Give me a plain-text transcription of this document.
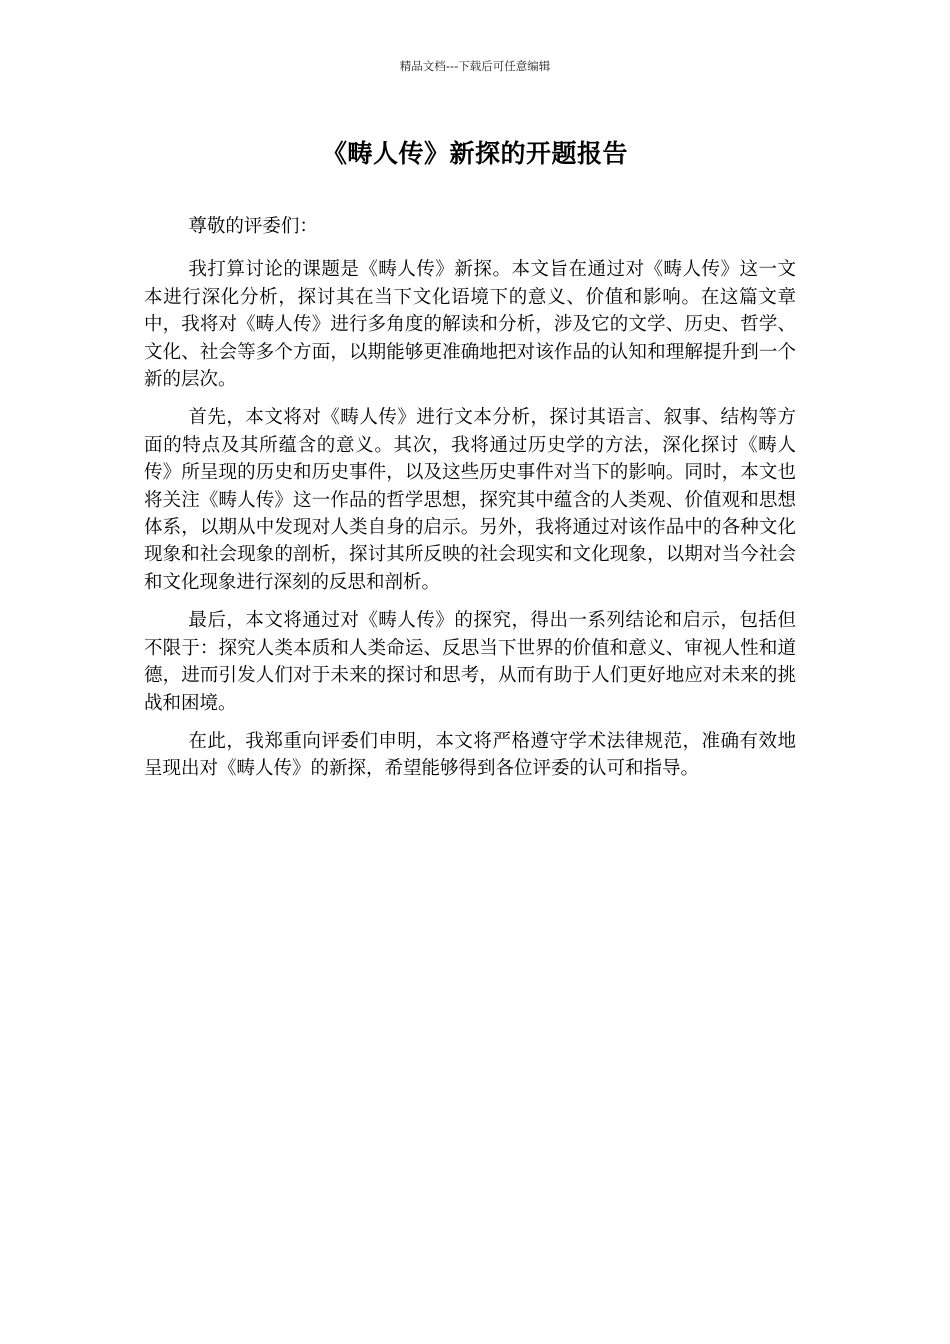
精品文档---下载后可任意编辑
《畴人传》新探的开题报告

尊敬的评委们：

我打算讨论的课题是《畴人传》新探。本文旨在通过对《畴人传》这一文本进行深化分析，探讨其在当下文化语境下的意义、价值和影响。在这篇文章中，我将对《畴人传》进行多角度的解读和分析，涉及它的文学、历史、哲学、文化、社会等多个方面，以期能够更准确地把对该作品的认知和理解提升到一个新的层次。

首先，本文将对《畴人传》进行文本分析，探讨其语言、叙事、结构等方面的特点及其所蕴含的意义。其次，我将通过历史学的方法，深化探讨《畴人传》所呈现的历史和历史事件，以及这些历史事件对当下的影响。同时，本文也将关注《畴人传》这一作品的哲学思想，探究其中蕴含的人类观、价值观和思想体系，以期从中发现对人类自身的启示。另外，我将通过对该作品中的各种文化现象和社会现象的剖析，探讨其所反映的社会现实和文化现象，以期对当今社会和文化现象进行深刻的反思和剖析。

最后，本文将通过对《畴人传》的探究，得出一系列结论和启示，包括但不限于：探究人类本质和人类命运、反思当下世界的价值和意义、审视人性和道德，进而引发人们对于未来的探讨和思考，从而有助于人们更好地应对未来的挑战和困境。

在此，我郑重向评委们申明，本文将严格遵守学术法律规范，准确有效地呈现出对《畴人传》的新探，希望能够得到各位评委的认可和指导。
